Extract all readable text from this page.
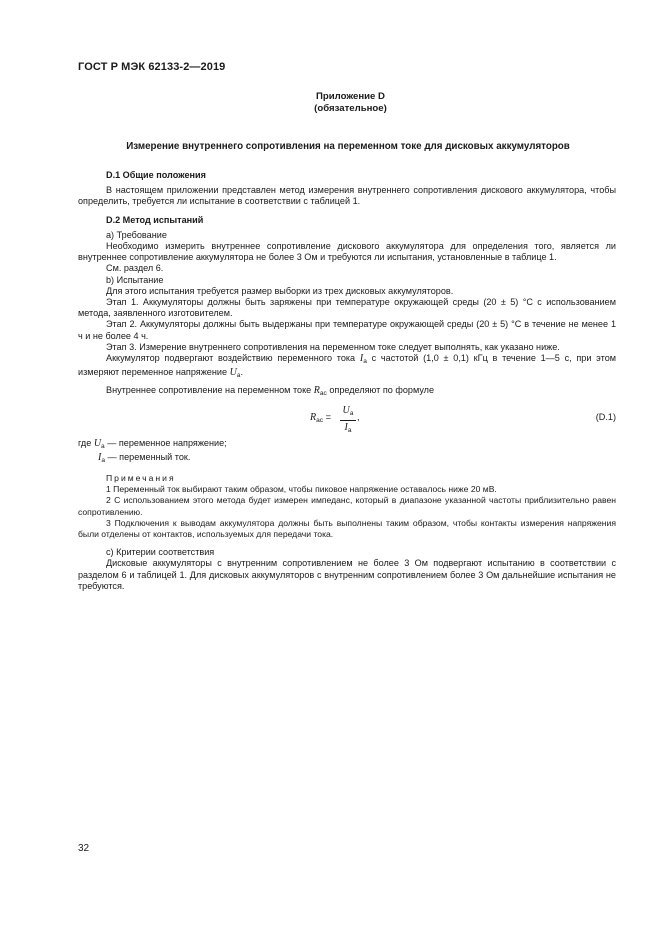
ГОСТ Р МЭК 62133-2—2019
Приложение D
(обязательное)
Измерение внутреннего сопротивления на переменном токе для дисковых аккумуляторов

D.1 Общие положения

В настоящем приложении представлен метод измерения внутреннего сопротивления дискового аккумулятора, чтобы определить, требуется ли испытание в соответствии с таблицей 1.

D.2 Метод испытаний

a) Требование

Необходимо измерить внутреннее сопротивление дискового аккумулятора для определения того, является ли внутреннее сопротивление аккумулятора не более 3 Ом и требуются ли испытания, установленные в таблице 1.

См. раздел 6.

b) Испытание

Для этого испытания требуется размер выборки из трех дисковых аккумуляторов.

Этап 1. Аккумуляторы должны быть заряжены при температуре окружающей среды (20 ± 5) °С с использованием метода, заявленного изготовителем.

Этап 2. Аккумуляторы должны быть выдержаны при температуре окружающей среды (20 ± 5) °С в течение не менее 1 ч и не более 4 ч.

Этап 3. Измерение внутреннего сопротивления на переменном токе следует выполнять, как указано ниже.

Аккумулятор подвергают воздействию переменного тока $I_a$ с частотой (1,0 ± 0,1) кГц в течение 1—5 с, при этом измеряют переменное напряжение $U_a$.

Внутреннее сопротивление на переменном токе $R_{ac}$ определяют по формуле

$R_{ac} = \frac{U_a}{I_a}$ ,	(D.1)

где $U_a$ — переменное напряжение;

$I_a$ — переменный ток.

Примечания

1 Переменный ток выбирают таким образом, чтобы пиковое напряжение оставалось ниже 20 мВ.

2 С использованием этого метода будет измерен импеданс, который в диапазоне указанной частоты приблизительно равен сопротивлению.

3 Подключения к выводам аккумулятора должны быть выполнены таким образом, чтобы контакты измерения напряжения были отделены от контактов, используемых для передачи тока.

c) Критерии соответствия

Дисковые аккумуляторы с внутренним сопротивлением не более 3 Ом подвергают испытанию в соответствии с разделом 6 и таблицей 1. Для дисковых аккумуляторов с внутренним сопротивлением более 3 Ом дальнейшие испытания не требуются.

32
